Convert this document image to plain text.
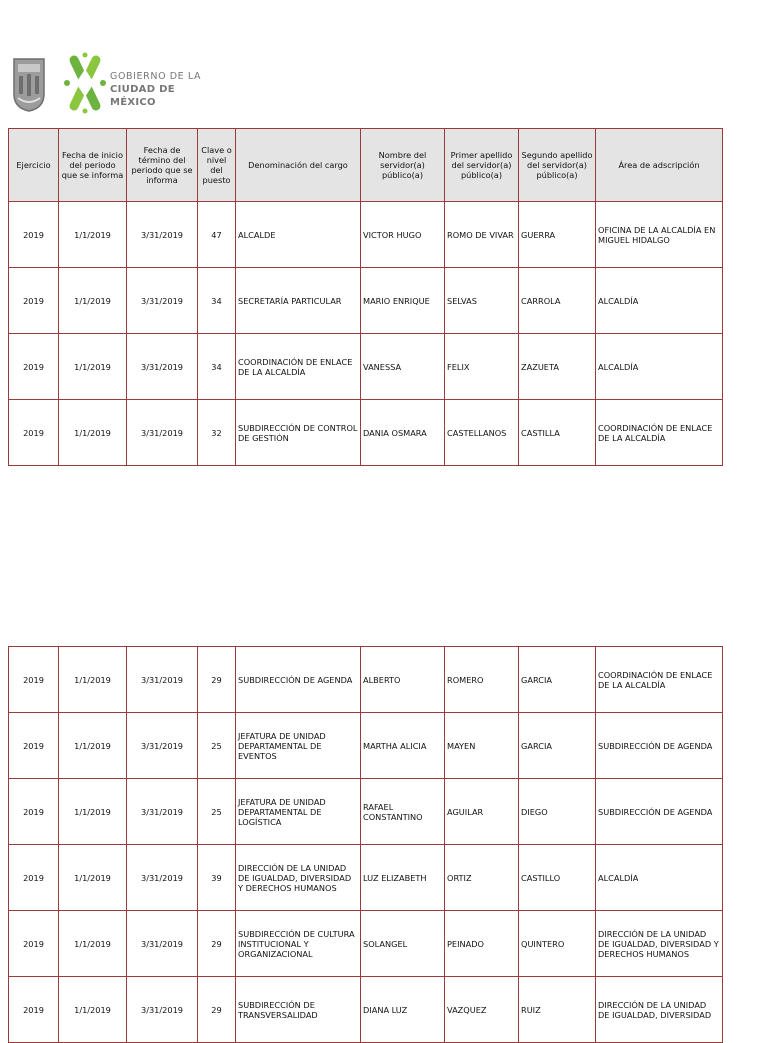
GOBIERNO DE LA
CIUDAD DE MÉXICO
Ejercicio	Fecha de inicio del periodo que se informa	Fecha de término del periodo que se informa	Clave o nivel del puesto	Denominación del cargo	Nombre del servidor(a) público(a)	Primer apellido del servidor(a) público(a)	Segundo apellido del servidor(a) público(a)	Área de adscripción
2019	1/1/2019	3/31/2019	47	ALCALDE	VICTOR HUGO	ROMO DE VIVAR	GUERRA	OFICINA DE LA ALCALDÍA EN MIGUEL HIDALGO
2019	1/1/2019	3/31/2019	34	SECRETARÍA PARTICULAR	MARIO ENRIQUE	SELVAS	CARROLA	ALCALDÍA
2019	1/1/2019	3/31/2019	34	COORDINACIÓN DE ENLACE DE LA ALCALDÍA	VANESSA	FELIX	ZAZUETA	ALCALDÍA
2019	1/1/2019	3/31/2019	32	SUBDIRECCIÓN DE CONTROL DE GESTIÓN	DANIA OSMARA	CASTELLANOS	CASTILLA	COORDINACIÓN DE ENLACE DE LA ALCALDÍA
2019	1/1/2019	3/31/2019	29	SUBDIRECCIÓN DE AGENDA	ALBERTO	ROMERO	GARCIA	COORDINACIÓN DE ENLACE DE LA ALCALDÍA
2019	1/1/2019	3/31/2019	25	JEFATURA DE UNIDAD DEPARTAMENTAL DE EVENTOS	MARTHA ALICIA	MAYEN	GARCIA	SUBDIRECCIÓN DE AGENDA
2019	1/1/2019	3/31/2019	25	JEFATURA DE UNIDAD DEPARTAMENTAL DE LOGÍSTICA	RAFAEL CONSTANTINO	AGUILAR	DIEGO	SUBDIRECCIÓN DE AGENDA
2019	1/1/2019	3/31/2019	39	DIRECCIÓN DE LA UNIDAD DE IGUALDAD, DIVERSIDAD Y DERECHOS HUMANOS	LUZ ELIZABETH	ORTIZ	CASTILLO	ALCALDÍA
2019	1/1/2019	3/31/2019	29	SUBDIRECCIÓN DE CULTURA INSTITUCIONAL Y ORGANIZACIONAL	SOLANGEL	PEINADO	QUINTERO	DIRECCIÓN DE LA UNIDAD DE IGUALDAD, DIVERSIDAD Y DERECHOS HUMANOS
2019	1/1/2019	3/31/2019	29	SUBDIRECCIÓN DE TRANSVERSALIDAD	DIANA LUZ	VAZQUEZ	RUIZ	DIRECCIÓN DE LA UNIDAD DE IGUALDAD, DIVERSIDAD
